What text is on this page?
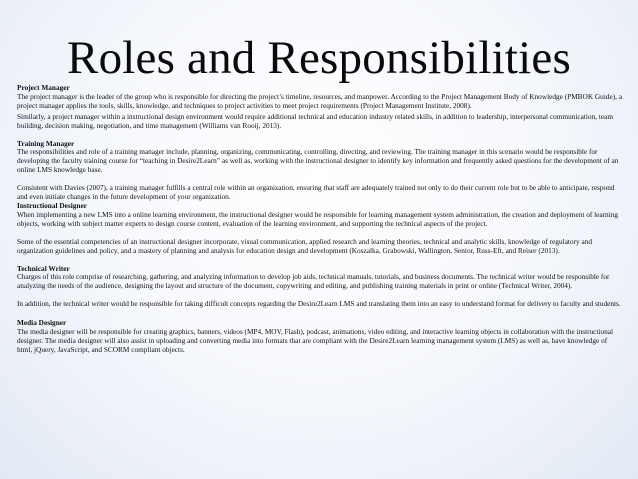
Roles and Responsibilities
Project Manager

The project manager is the leader of the group who is responsible for directing the project’s timeline, resources, and manpower. According to the Project Management Body of Knowledge (PMBOK Guide), a project manager applies the tools, skills, knowledge, and techniques to project activities to meet project requirements (Project Management Institute, 2008).

Similarly, a project manager within a instructional design environment would require additional technical and education industry related skills, in addition to leadership, interpersonal communication, team building, decision making, negotiation, and time management (Williams van Rooij, 2013).

Training Manager

The responsibilities and role of a training manager include, planning, organizing, communicating, controlling, directing, and reviewing. The training manager in this scenario would be responsible for developing the faculty training course for “teaching in Desire2Learn” as well as, working with the instructional designer to identify key information and frequently asked questions for the development of an online LMS knowledge base.

Consistent with Davies (2007), a training manager fulfills a central role within an organization, ensuring that staff are adequately trained not only to do their current role but to be able to anticipate, respond and even initiate changes in the future development of your organization.

Instructional Designer

When implementing a new LMS into a online learning environment, the instructional designer would be responsible for learning management system administration, the creation and deployment of learning objects, working with subject matter experts to design course content, evaluation of the learning environment, and supporting the technical aspects of the project.

Some of the essential competencies of an instructional designer incorporate, visual communication, applied research and learning theories, technical and analytic skills, knowledge of regulatory and organization guidelines and policy, and a mastery of planning and analysis for education design and development (Koszalka, Grabowski, Wallington, Senior, Russ-Eft, and Reiser (2013).

Technical Writer

Charges of this role comprise of researching, gathering, and analyzing information to develop job aids, technical manuals, tutorials, and business documents. The technical writer would be responsible for analyzing the needs of the audience, designing the layout and structure of the document, copywriting and editing, and publishing training materials in print or online (Technical Writer, 2004).

In addition, the technical writer would be responsible for taking difficult concepts regarding the Desire2Learn LMS and translating them into an easy to understand format for delivery to faculty and students.

Media Designer

The media designer will be responsible for creating graphics, banners, videos (MP4, MOV, Flash), podcast, animations, video editing, and interactive learning objects in collaboration with the instructional designer. The media designer will also assist in uploading and converting media into formats that are compliant with the Desire2Learn learning management system (LMS) as well as, have knowledge of html, jQuery, JavaScript, and SCORM compliant objects.
